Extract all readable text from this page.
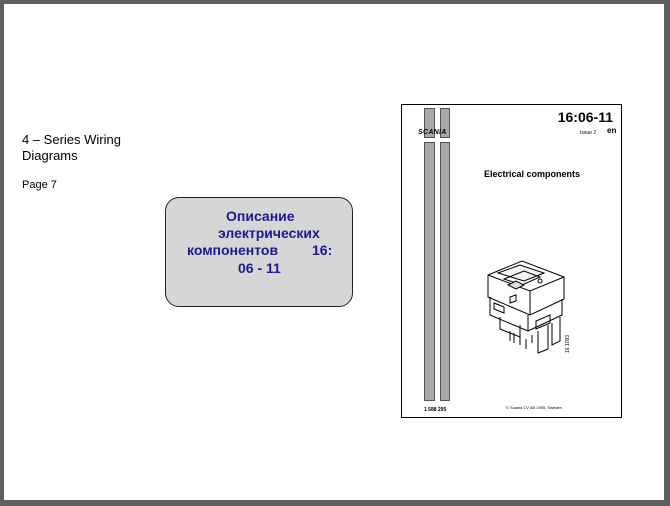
4 – Series Wiring Diagrams
Page 7
Описание
электрических
компонентов 16:
06 - 11
SCANIA
16:06-11
Issue 2 en
Electrical components
16 1093
1 588 295	© Scania CV AB 1995, Sweden
